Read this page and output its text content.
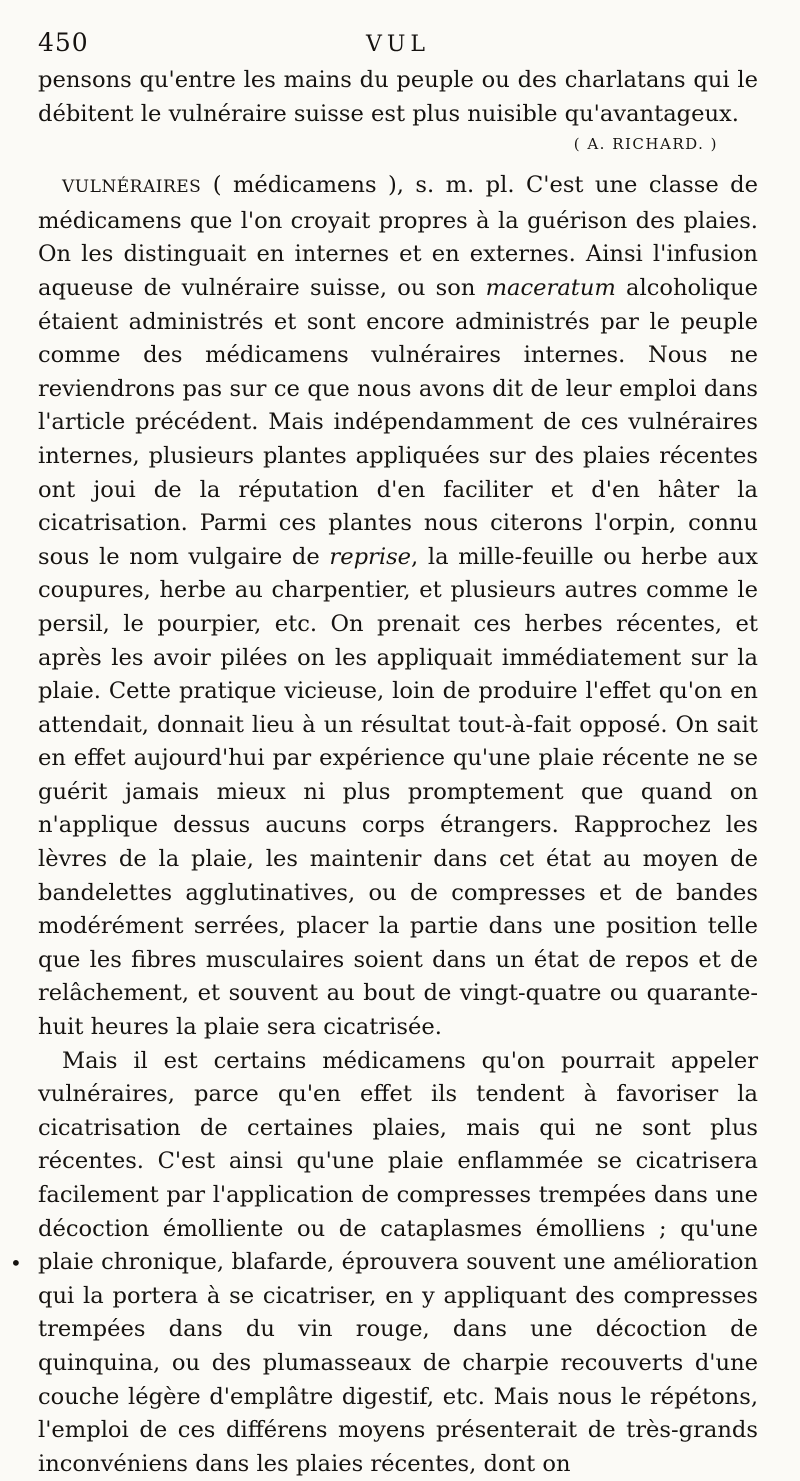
450	VUL

pensons qu'entre les mains du peuple ou des charlatans qui le débitent le vulnéraire suisse est plus nuisible qu'avantageux.

( A. RICHARD. )

VULNÉRAIRES ( médicamens ), s. m. pl. C'est une classe de médicamens que l'on croyait propres à la guérison des plaies. On les distinguait en internes et en externes. Ainsi l'infusion aqueuse de vulnéraire suisse, ou son maceratum alcoholique étaient administrés et sont encore administrés par le peuple comme des médicamens vulnéraires internes. Nous ne reviendrons pas sur ce que nous avons dit de leur emploi dans l'article précédent. Mais indépendamment de ces vulnéraires internes, plusieurs plantes appliquées sur des plaies récentes ont joui de la réputation d'en faciliter et d'en hâter la cicatrisation. Parmi ces plantes nous citerons l'orpin, connu sous le nom vulgaire de reprise, la mille-feuille ou herbe aux coupures, herbe au charpentier, et plusieurs autres comme le persil, le pourpier, etc. On prenait ces herbes récentes, et après les avoir pilées on les appliquait immédiatement sur la plaie. Cette pratique vicieuse, loin de produire l'effet qu'on en attendait, donnait lieu à un résultat tout-à-fait opposé. On sait en effet aujourd'hui par expérience qu'une plaie récente ne se guérit jamais mieux ni plus promptement que quand on n'applique dessus aucuns corps étrangers. Rapprochez les lèvres de la plaie, les maintenir dans cet état au moyen de bandelettes agglutinatives, ou de compresses et de bandes modérément serrées, placer la partie dans une position telle que les fibres musculaires soient dans un état de repos et de relâchement, et souvent au bout de vingt-quatre ou quarante-huit heures la plaie sera cicatrisée.

Mais il est certains médicamens qu'on pourrait appeler vulnéraires, parce qu'en effet ils tendent à favoriser la cicatrisation de certaines plaies, mais qui ne sont plus récentes. C'est ainsi qu'une plaie enflammée se cicatrisera facilement par l'application de compresses trempées dans une décoction émolliente ou de cataplasmes émolliens ; qu'une plaie chronique, blafarde, éprouvera souvent une amélioration qui la portera à se cicatriser, en y appliquant des compresses trempées dans du vin rouge, dans une décoction de quinquina, ou des plumasseaux de charpie recouverts d'une couche légère d'emplâtre digestif, etc. Mais nous le répétons, l'emploi de ces différens moyens présenterait de très-grands inconvéniens dans les plaies récentes, dont on

•
